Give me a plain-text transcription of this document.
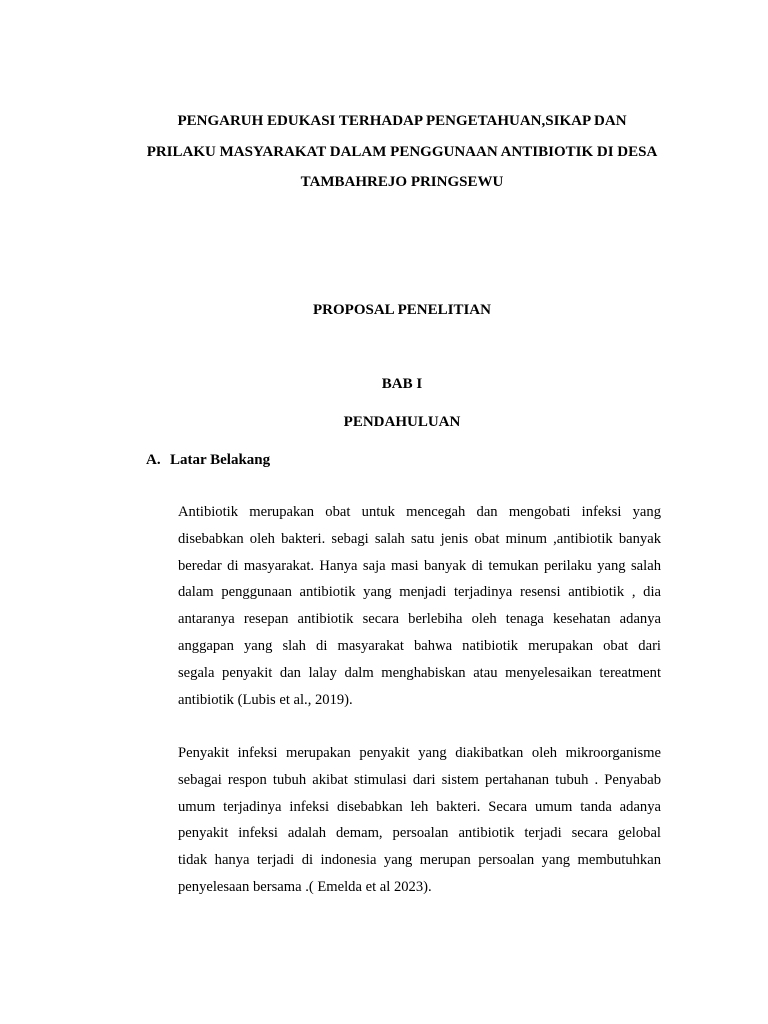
PENGARUH EDUKASI TERHADAP PENGETAHUAN,SIKAP DAN
PRILAKU MASYARAKAT DALAM PENGGUNAAN ANTIBIOTIK DI DESA
TAMBAHREJO PRINGSEWU

PROPOSAL PENELITIAN

BAB I

PENDAHULUAN

A. Latar Belakang
Antibiotik merupakan obat untuk mencegah dan mengobati infeksi yang
disebabkan oleh bakteri. sebagi salah satu jenis obat minum ,antibiotik banyak
beredar di masyarakat. Hanya saja masi banyak di temukan perilaku yang salah
dalam penggunaan antibiotik yang menjadi terjadinya resensi antibiotik , dia
antaranya resepan antibiotik secara berlebiha oleh tenaga kesehatan adanya
anggapan yang slah di masyarakat bahwa natibiotik merupakan obat dari
segala penyakit dan lalay dalm menghabiskan atau menyelesaikan tereatment
antibiotik (Lubis et al., 2019).
Penyakit infeksi merupakan penyakit yang diakibatkan oleh mikroorganisme
sebagai respon tubuh akibat stimulasi dari sistem pertahanan tubuh . Penyabab
umum terjadinya infeksi disebabkan leh bakteri. Secara umum tanda adanya
penyakit infeksi adalah demam, persoalan antibiotik terjadi secara gelobal
tidak hanya terjadi di indonesia yang merupan persoalan yang membutuhkan
penyelesaan bersama .( Emelda et al 2023).
